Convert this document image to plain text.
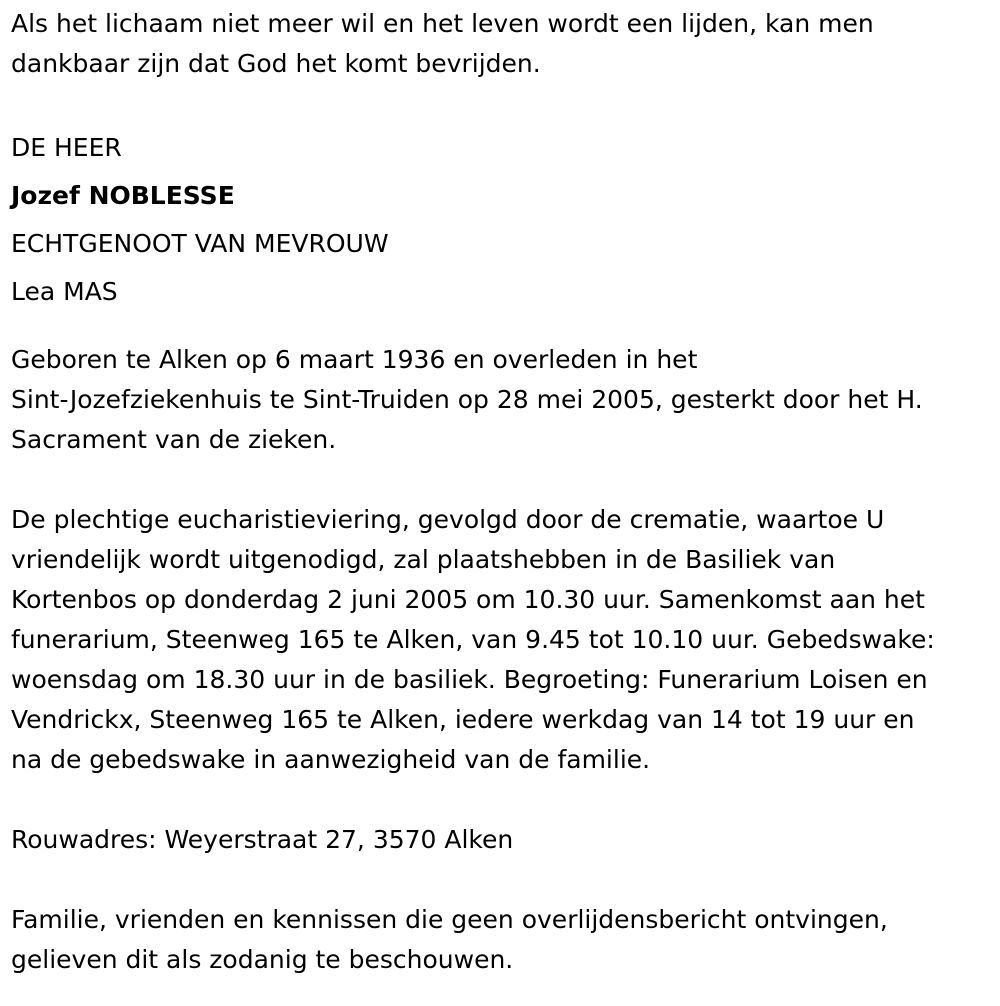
Als het lichaam niet meer wil en het leven wordt een lijden, kan men
dankbaar zijn dat God het komt bevrijden.

DE HEER
Jozef NOBLESSE
ECHTGENOOT VAN MEVROUW
Lea MAS

Geboren te Alken op 6 maart 1936 en overleden in het
Sint-Jozefziekenhuis te Sint-Truiden op 28 mei 2005, gesterkt door het H.
Sacrament van de zieken.

De plechtige eucharistieviering, gevolgd door de crematie, waartoe U
vriendelijk wordt uitgenodigd, zal plaatshebben in de Basiliek van
Kortenbos op donderdag 2 juni 2005 om 10.30 uur. Samenkomst aan het
funerarium, Steenweg 165 te Alken, van 9.45 tot 10.10 uur. Gebedswake:
woensdag om 18.30 uur in de basiliek. Begroeting: Funerarium Loisen en
Vendrickx, Steenweg 165 te Alken, iedere werkdag van 14 tot 19 uur en
na de gebedswake in aanwezigheid van de familie.

Rouwadres: Weyerstraat 27, 3570 Alken

Familie, vrienden en kennissen die geen overlijdensbericht ontvingen,
gelieven dit als zodanig te beschouwen.
